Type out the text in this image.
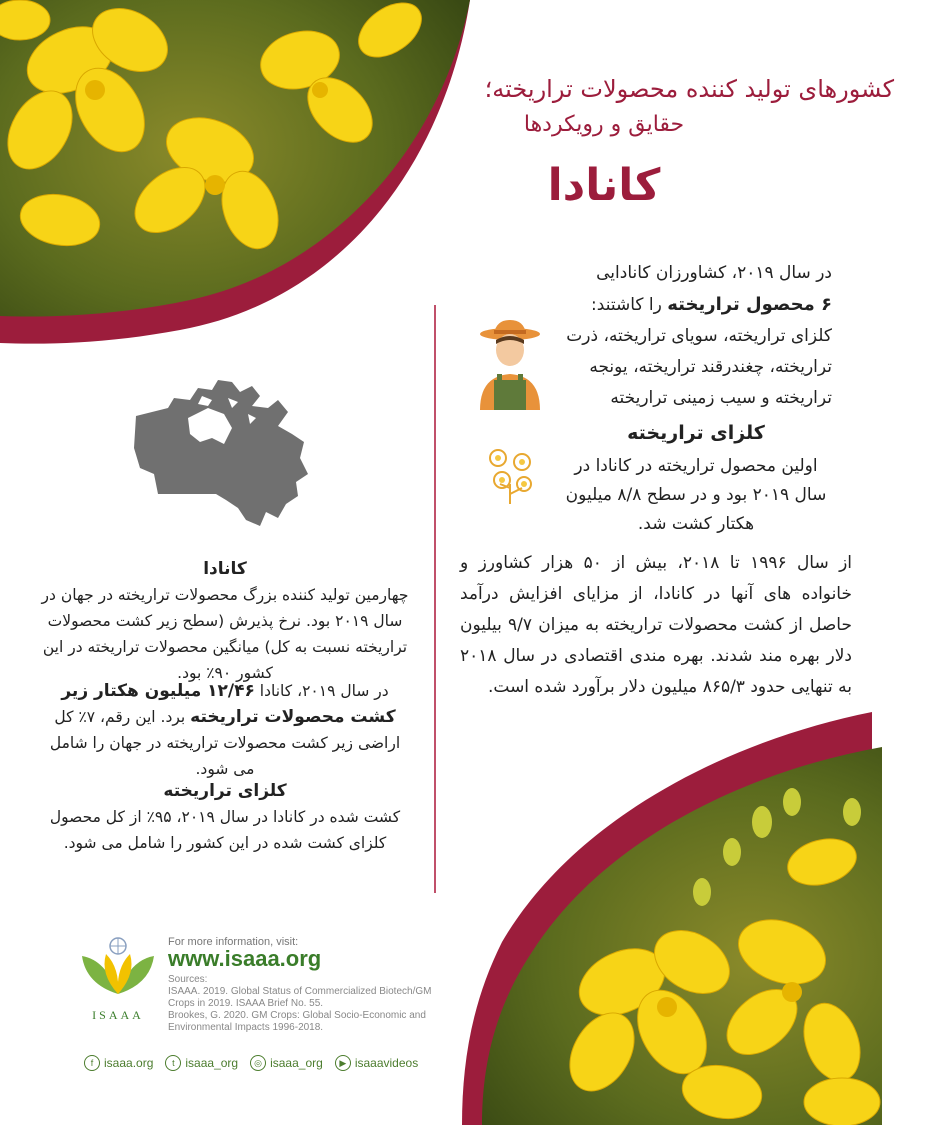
کشورهای تولید کننده محصولات تراریخته؛
حقایق و رویکردها
کانادا
در سال ۲۰۱۹، کشاورزان کانادایی
۶ محصول تراریخته را کاشتند:
کلزای تراریخته، سویای تراریخته، ذرت
تراریخته، چغندرقند تراریخته، یونجه
تراریخته و سیب زمینی تراریخته
کلزای تراریخته
اولین محصول تراریخته در کانادا در سال ۲۰۱۹ بود و در سطح ۸/۸ میلیون هکتار کشت شد.
از سال ۱۹۹۶ تا ۲۰۱۸، بیش از ۵۰ هزار کشاورز و خانواده های آنها در کانادا، از مزایای افزایش درآمد حاصل از کشت محصولات تراریخته به میزان ۹/۷ بیلیون دلار بهره مند شدند. بهره مندی اقتصادی در سال ۲۰۱۸ به تنهایی حدود ۸۶۵/۳ میلیون دلار برآورد شده است.
کانادا
چهارمین تولید کننده بزرگ محصولات تراریخته در جهان در سال ۲۰۱۹ بود. نرخ پذیرش (سطح زیر کشت محصولات تراریخته نسبت به کل) میانگین محصولات تراریخته در این کشور ۹۰٪ بود.
در سال ۲۰۱۹، کانادا ۱۲/۴۶ میلیون هکتار زیر کشت محصولات تراریخته برد. این رقم، ۷٪ کل اراضی زیر کشت محصولات تراریخته در جهان را شامل می شود.
کلزای تراریخته
کشت شده در کانادا در سال ۲۰۱۹، ۹۵٪ از کل محصول کلزای کشت شده در این کشور را شامل می شود.
ISAAA
For more information, visit:
www.isaaa.org
Sources:
ISAAA. 2019. Global Status of Commercialized Biotech/GM Crops in 2019. ISAAA Brief No. 55.
Brookes, G. 2020. GM Crops: Global Socio-Economic and Environmental Impacts 1996-2018.
f isaaa.org	t isaaa_org	◎ isaaa_org	▶ isaaavideos
